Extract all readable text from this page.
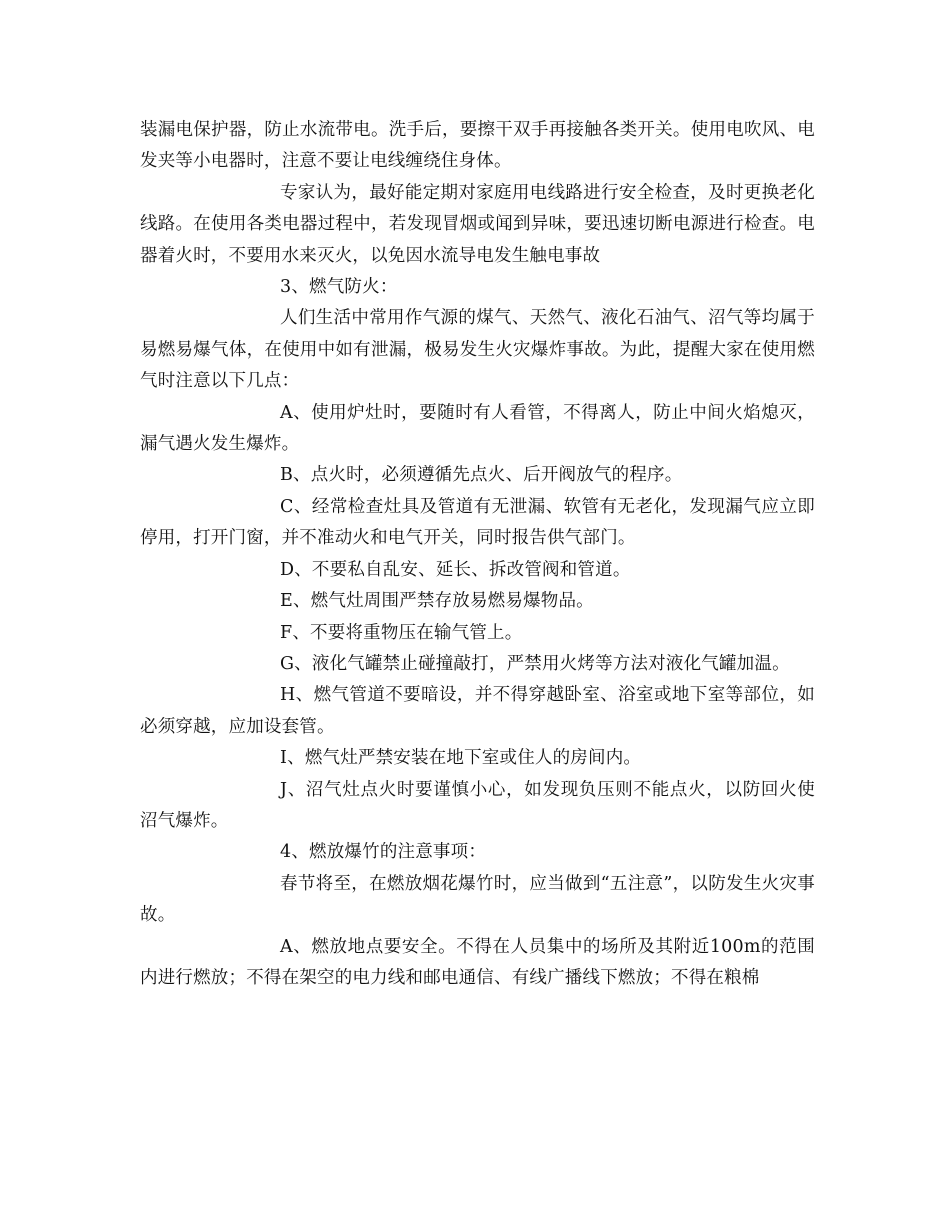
装漏电保护器，防止水流带电。洗手后，要擦干双手再接触各类开关。使用电吹风、电发夹等小电器时，注意不要让电线缠绕住身体。

专家认为，最好能定期对家庭用电线路进行安全检查，及时更换老化线路。在使用各类电器过程中，若发现冒烟或闻到异味，要迅速切断电源进行检查。电器着火时，不要用水来灭火，以免因水流导电发生触电事故

3、燃气防火：

人们生活中常用作气源的煤气、天然气、液化石油气、沼气等均属于易燃易爆气体，在使用中如有泄漏，极易发生火灾爆炸事故。为此，提醒大家在使用燃气时注意以下几点：

A、使用炉灶时，要随时有人看管，不得离人，防止中间火焰熄灭，漏气遇火发生爆炸。

B、点火时，必须遵循先点火、后开阀放气的程序。

C、经常检查灶具及管道有无泄漏、软管有无老化，发现漏气应立即停用，打开门窗，并不准动火和电气开关，同时报告供气部门。

D、不要私自乱安、延长、拆改管阀和管道。

E、燃气灶周围严禁存放易燃易爆物品。

F、不要将重物压在输气管上。

G、液化气罐禁止碰撞敲打，严禁用火烤等方法对液化气罐加温。

H、燃气管道不要暗设，并不得穿越卧室、浴室或地下室等部位，如必须穿越，应加设套管。

I、燃气灶严禁安装在地下室或住人的房间内。

J、沼气灶点火时要谨慎小心，如发现负压则不能点火，以防回火使沼气爆炸。

4、燃放爆竹的注意事项：

春节将至，在燃放烟花爆竹时，应当做到“五注意”，以防发生火灾事故。

A、燃放地点要安全。不得在人员集中的场所及其附近100m的范围内进行燃放；不得在架空的电力线和邮电通信、有线广播线下燃放；不得在粮棉
